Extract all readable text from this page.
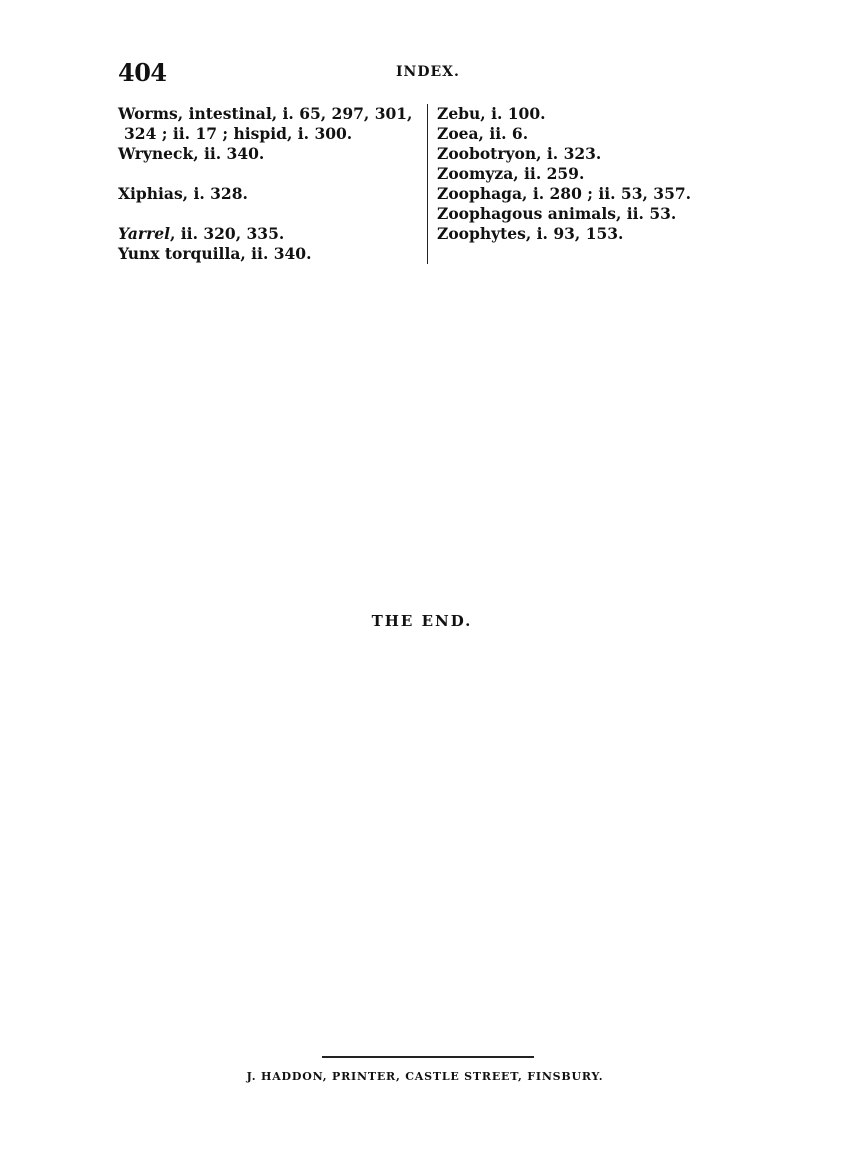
404	INDEX.

Worms, intestinal, i. 65, 297, 301,
324 ; ii. 17 ; hispid, i. 300.

Wryneck, ii. 340.

Xiphias, i. 328.

Yarrel, ii. 320, 335.

Yunx torquilla, ii. 340.

Zebu, i. 100.

Zoea, ii. 6.

Zoobotryon, i. 323.

Zoomyza, ii. 259.

Zoophaga, i. 280 ; ii. 53, 357.

Zoophagous animals, ii. 53.

Zoophytes, i. 93, 153.

THE END.
J. HADDON, PRINTER, CASTLE STREET, FINSBURY.
